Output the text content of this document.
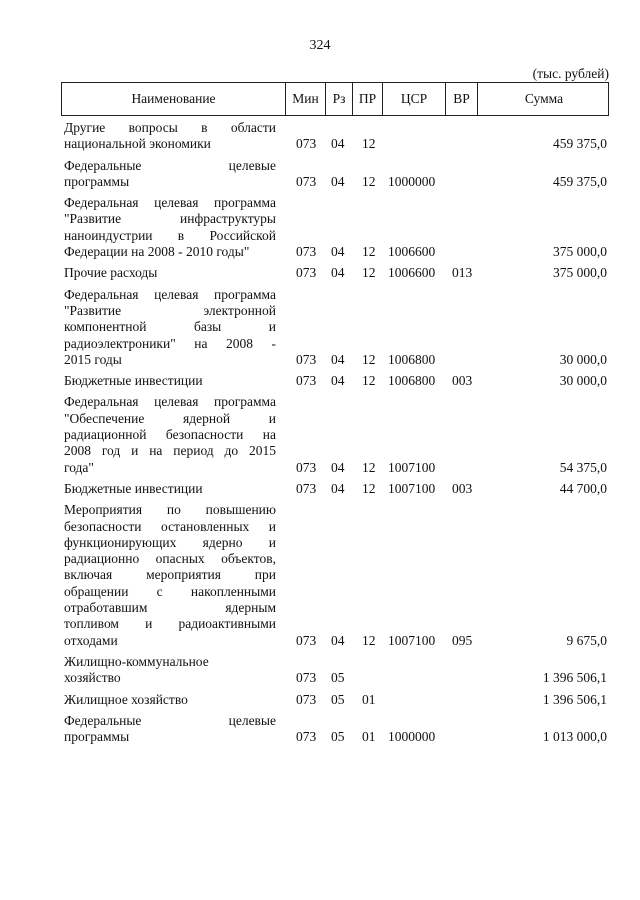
324
(тыс. рублей)
Наименование	Мин	Рз ПР	ЦСР	ВР	Сумма
Другие вопросы в области
национальной экономики	073 04 12	459 375,0
Федеральные целевые
программы	073 04 12 1000000	459 375,0
Федеральная целевая программа
"Развитие инфраструктуры
наноиндустрии в Российской
Федерации на 2008 - 2010 годы"	073 04 12 1006600	375 000,0
Прочие расходы	073 04 12 1006600 013	375 000,0
Федеральная целевая программа
"Развитие электронной
компонентной базы и
радиоэлектроники" на 2008 -
2015 годы	073 04 12 1006800	30 000,0
Бюджетные инвестиции	073 04 12 1006800 003	30 000,0
Федеральная целевая программа
"Обеспечение ядерной и
радиационной безопасности на
2008 год и на период до 2015
года"	073 04 12 1007100	54 375,0
Бюджетные инвестиции	073 04 12 1007100 003	44 700,0
Мероприятия по повышению
безопасности остановленных и
функционирующих ядерно и
радиационно опасных объектов,
включая мероприятия при
обращении с накопленными
отработавшим ядерным
топливом и радиоактивными
отходами	073 04 12 1007100 095	9 675,0
Жилищно-коммунальное
хозяйство	073 05	1 396 506,1
Жилищное хозяйство	073 05 01	1 396 506,1
Федеральные целевые
программы	073 05 01 1000000	1 013 000,0
